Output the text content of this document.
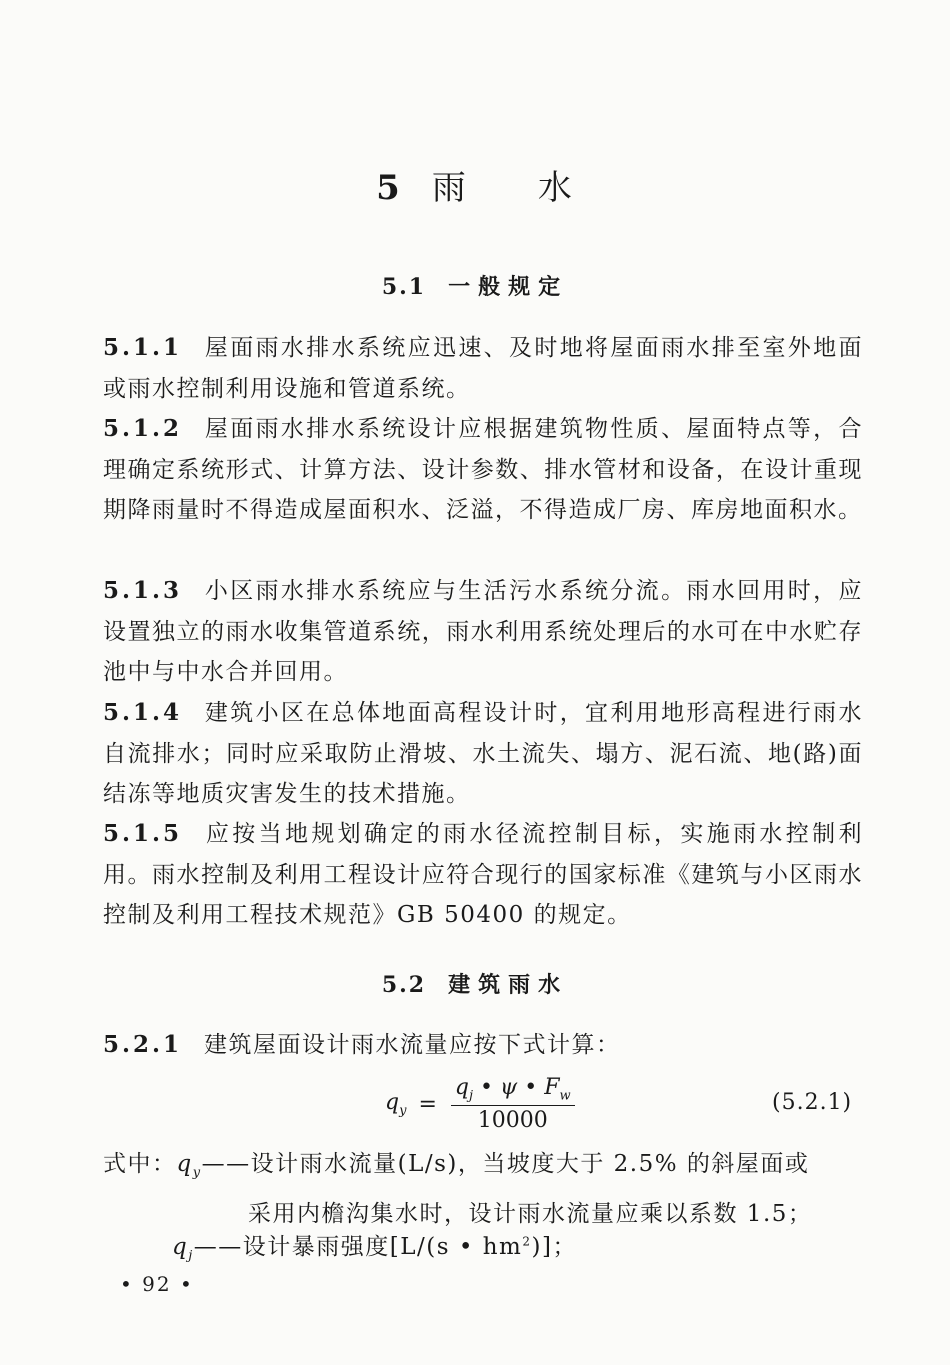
5 雨 水
5.1 一般规定
5.1.1 屋面雨水排水系统应迅速、及时地将屋面雨水排至室外地面或雨水控制利用设施和管道系统。
5.1.2 屋面雨水排水系统设计应根据建筑物性质、屋面特点等，合理确定系统形式、计算方法、设计参数、排水管材和设备，在设计重现期降雨量时不得造成屋面积水、泛溢，不得造成厂房、库房地面积水。
5.1.3 小区雨水排水系统应与生活污水系统分流。雨水回用时，应设置独立的雨水收集管道系统，雨水利用系统处理后的水可在中水贮存池中与中水合并回用。
5.1.4 建筑小区在总体地面高程设计时，宜利用地形高程进行雨水自流排水；同时应采取防止滑坡、水土流失、塌方、泥石流、地(路)面结冻等地质灾害发生的技术措施。
5.1.5 应按当地规划确定的雨水径流控制目标，实施雨水控制利用。雨水控制及利用工程设计应符合现行的国家标准《建筑与小区雨水控制及利用工程技术规范》GB 50400 的规定。
5.2 建筑雨水
5.2.1 建筑屋面设计雨水流量应按下式计算：
$q_y = \frac{q_j • \psi • F_w}{10000}$	(5.2.1)
式中：$q_y——$设计雨水流量(L/s)，当坡度大于 2.5% 的斜屋面或
采用内檐沟集水时，设计雨水流量应乘以系数 1.5；
$q_j——$设计暴雨强度[L/(s • $hm^2$)]；
• 92 •
